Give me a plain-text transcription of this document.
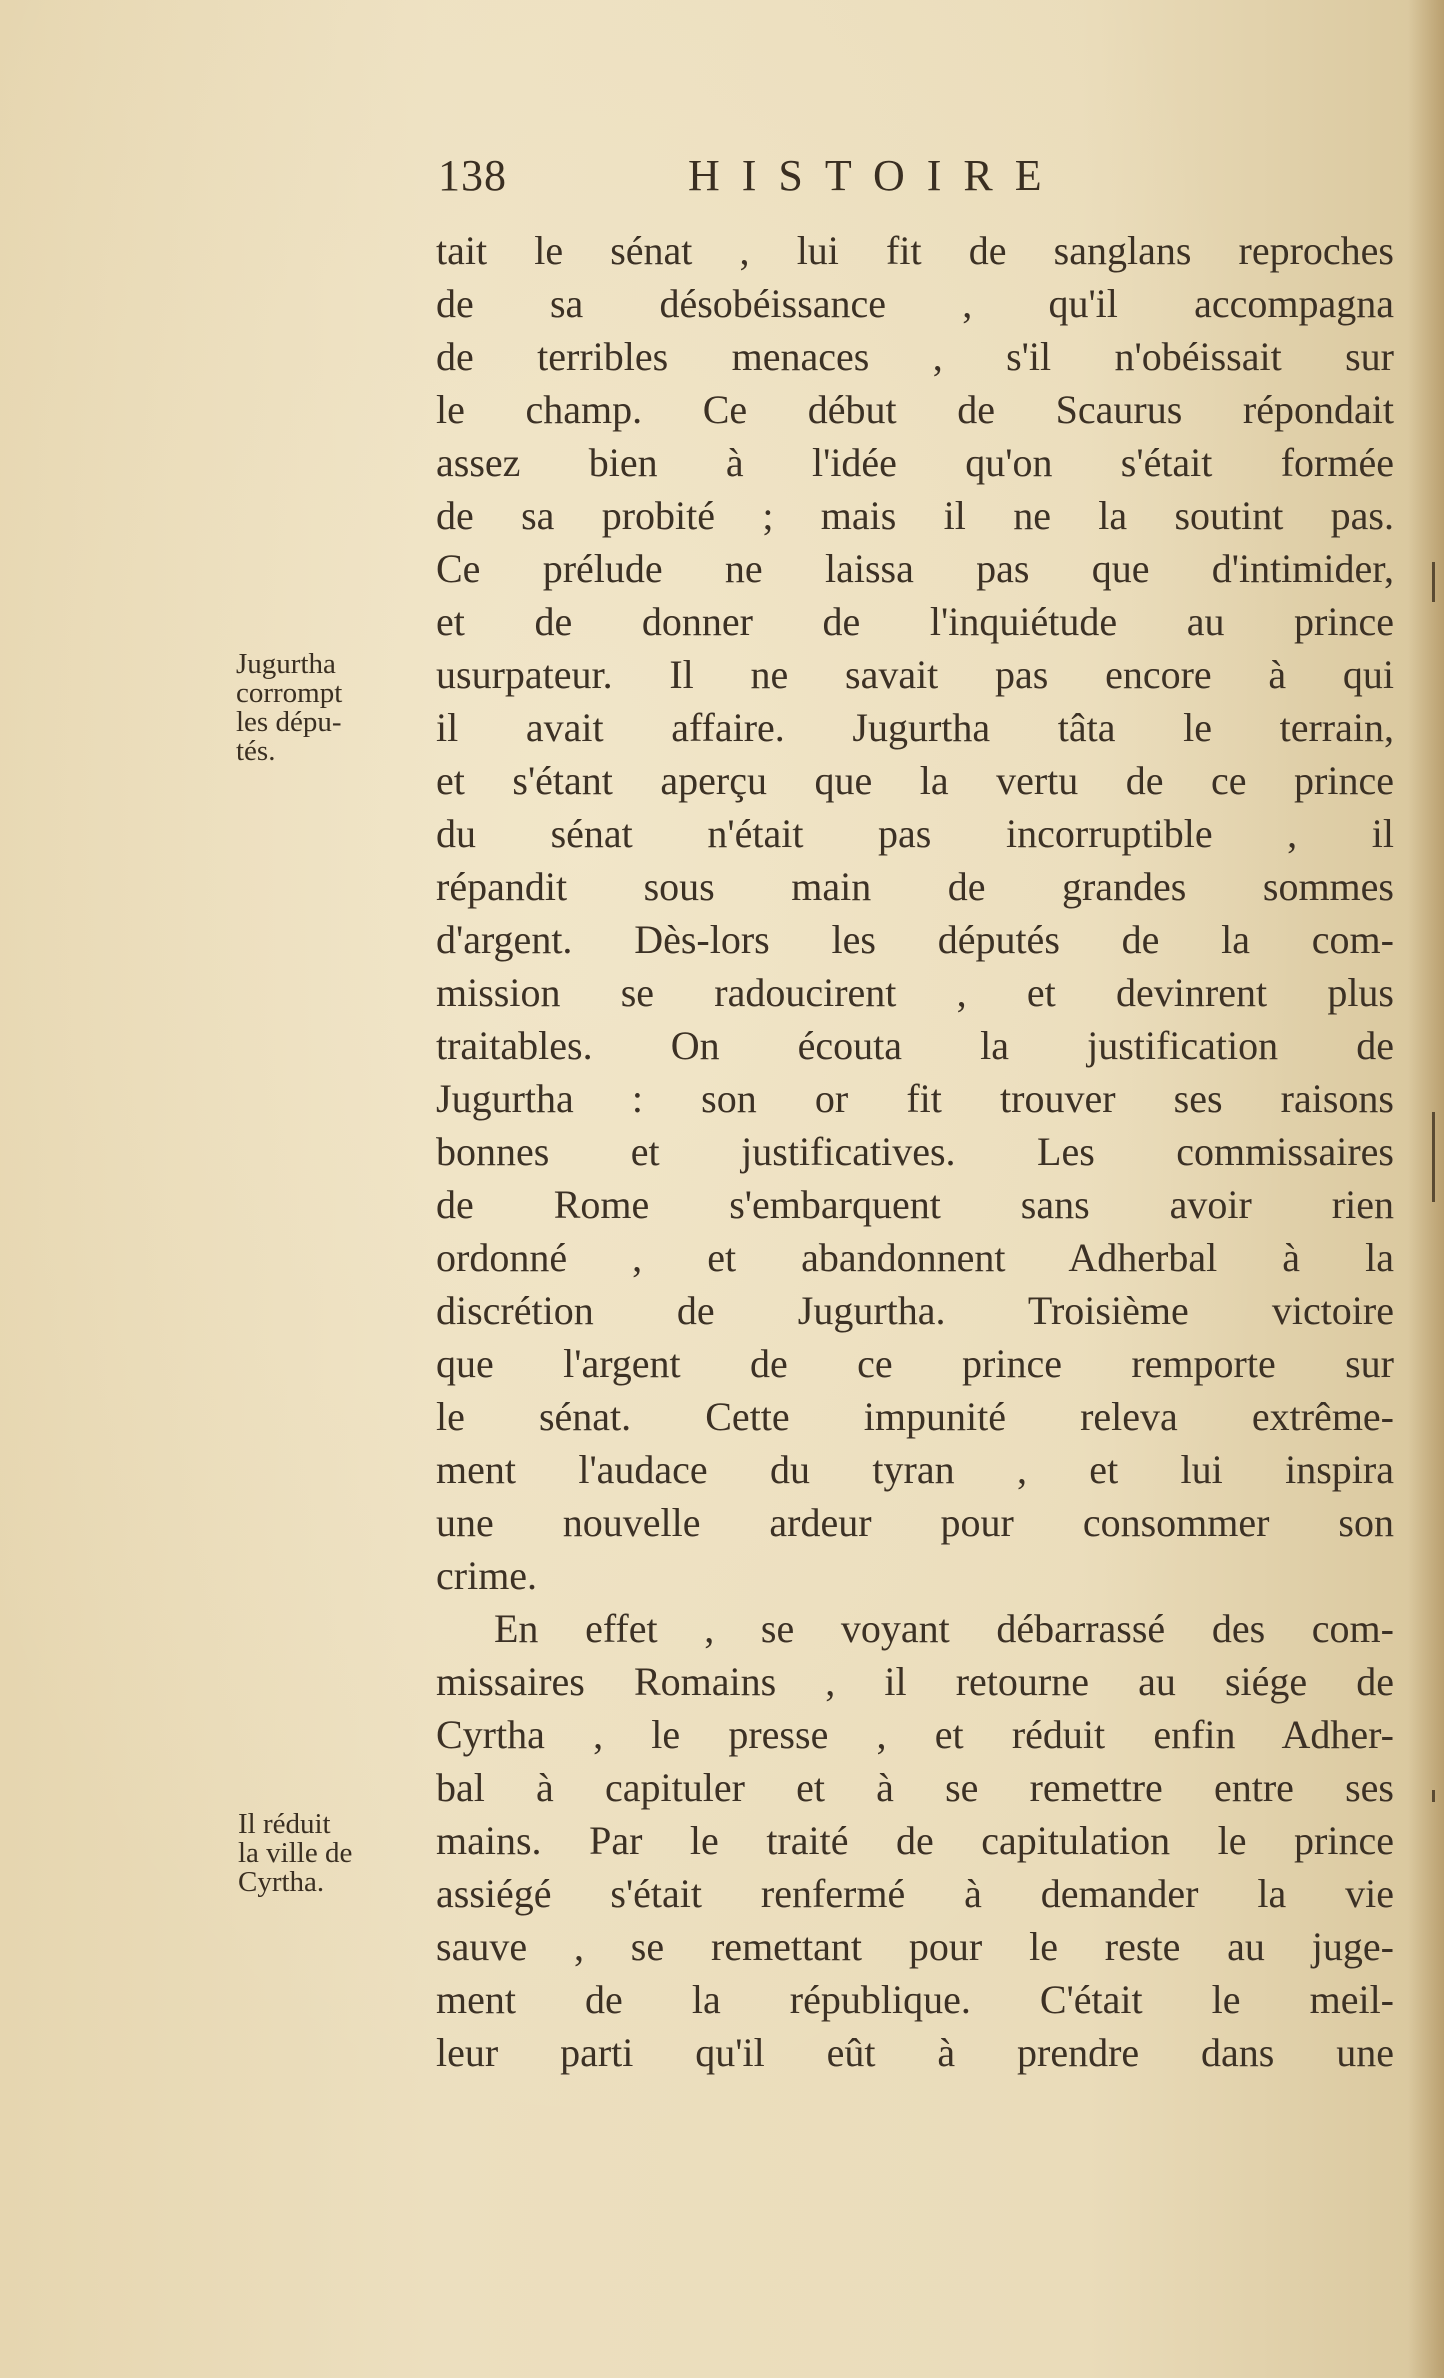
138	HISTOIRE
tait le sénat , lui fit de sanglans reproches
de sa désobéissance , qu'il accompagna
de terribles menaces , s'il n'obéissait sur
le champ. Ce début de Scaurus répondait
assez bien à l'idée qu'on s'était formée
de sa probité ; mais il ne la soutint pas.
Ce prélude ne laissa pas que d'intimider,
et de donner de l'inquiétude au prince
usurpateur. Il ne savait pas encore à qui
il avait affaire. Jugurtha tâta le terrain,
et s'étant aperçu que la vertu de ce prince
du sénat n'était pas incorruptible , il
répandit sous main de grandes sommes
d'argent. Dès-lors les députés de la com-
mission se radoucirent , et devinrent plus
traitables. On écouta la justification de
Jugurtha : son or fit trouver ses raisons
bonnes et justificatives. Les commissaires
de Rome s'embarquent sans avoir rien
ordonné , et abandonnent Adherbal à la
discrétion de Jugurtha. Troisième victoire
que l'argent de ce prince remporte sur
le sénat. Cette impunité releva extrême-
ment l'audace du tyran , et lui inspira
une nouvelle ardeur pour consommer son
crime.
En effet , se voyant débarrassé des com-
missaires Romains , il retourne au siége de
Cyrtha , le presse , et réduit enfin Adher-
bal à capituler et à se remettre entre ses
mains. Par le traité de capitulation le prince
assiégé s'était renfermé à demander la vie
sauve , se remettant pour le reste au juge-
ment de la république. C'était le meil-
leur parti qu'il eût à prendre dans une
Jugurtha
corrompt
les dépu-
tés.
Il réduit
la ville de
Cyrtha.
